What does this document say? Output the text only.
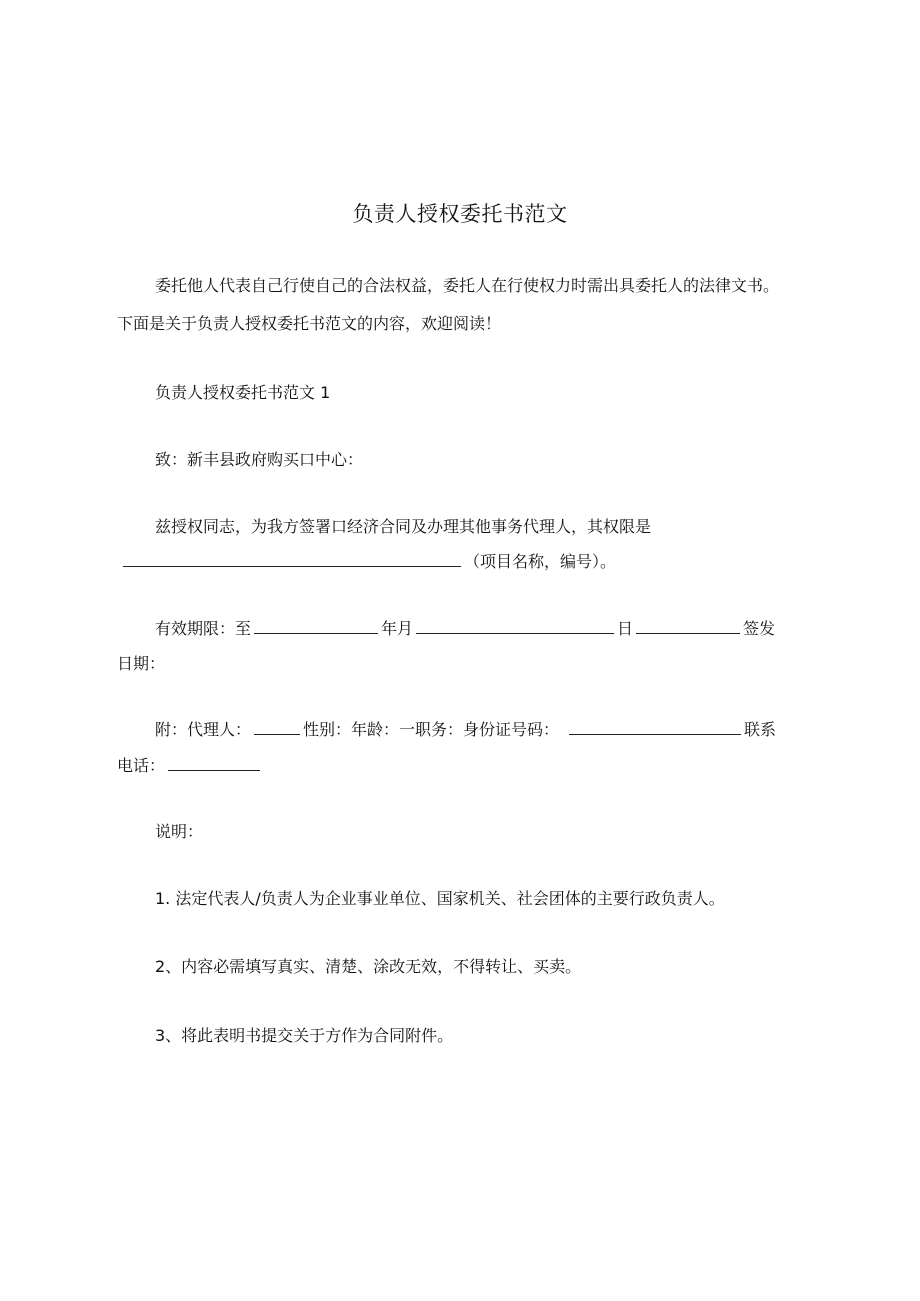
负责人授权委托书范文
委托他人代表自己行使自己的合法权益，委托人在行使权力时需出具委托人的法律文书。
下面是关于负责人授权委托书范文的内容，欢迎阅读！
负责人授权委托书范文 1
致：新丰县政府购买口中心：
兹授权同志，为我方签署口经济合同及办理其他事务代理人，其权限是
（项目名称，编号）。
有效期限：至	年月	日	签发
日期：
附：代理人：	性别：年龄：一职务：身份证号码：	联系
电话：
说明：
1. 法定代表人/负责人为企业事业单位、国家机关、社会团体的主要行政负责人。
2、内容必需填写真实、清楚、涂改无效，不得转让、买卖。
3、将此表明书提交关于方作为合同附件。
